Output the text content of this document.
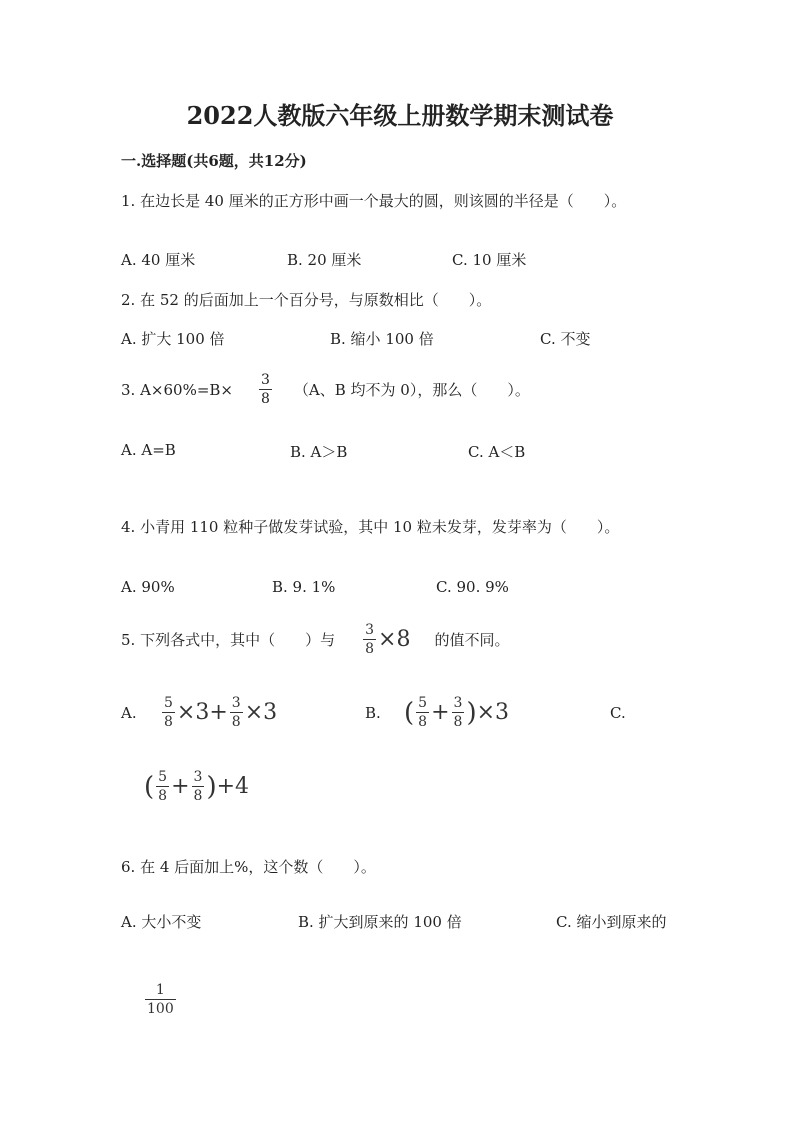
2022人教版六年级上册数学期末测试卷
一.选择题(共6题，共12分)
1. 在边长是 40 厘米的正方形中画一个最大的圆，则该圆的半径是（　　）。
A. 40 厘米	B. 20 厘米	C. 10 厘米
2. 在 52 的后面加上一个百分号，与原数相比（　　）。
A. 扩大 100 倍	B. 缩小 100 倍	C. 不变
3. $A\times 60\%=B\times \frac{3}{8} (A$、B 均不为 0），那么（　　）。
A. A=B	B. A＞B	C. A＜B
4. 小青用 110 粒种子做发芽试验，其中 10 粒未发芽，发芽率为（　　）。
A. 90%	B. 9. 1%	C. 90. 9%
5. 下列各式中，其中（　　）与 $\frac{3}{8} \times 8$ 的值不同。
A. $\frac{5}{8} \times 3+ \frac{3}{8} \times 3$	B. ( $\frac{5}{8} + \frac{3}{8}$ ) ×3	C.
( $\frac{5}{8} + \frac{3}{8}$ ) +4
6. 在 4 后面加上%，这个数（　　）。
A. 大小不变	B. 扩大到原来的 100 倍	C. 缩小到原来的
$\frac{1}{100}$
